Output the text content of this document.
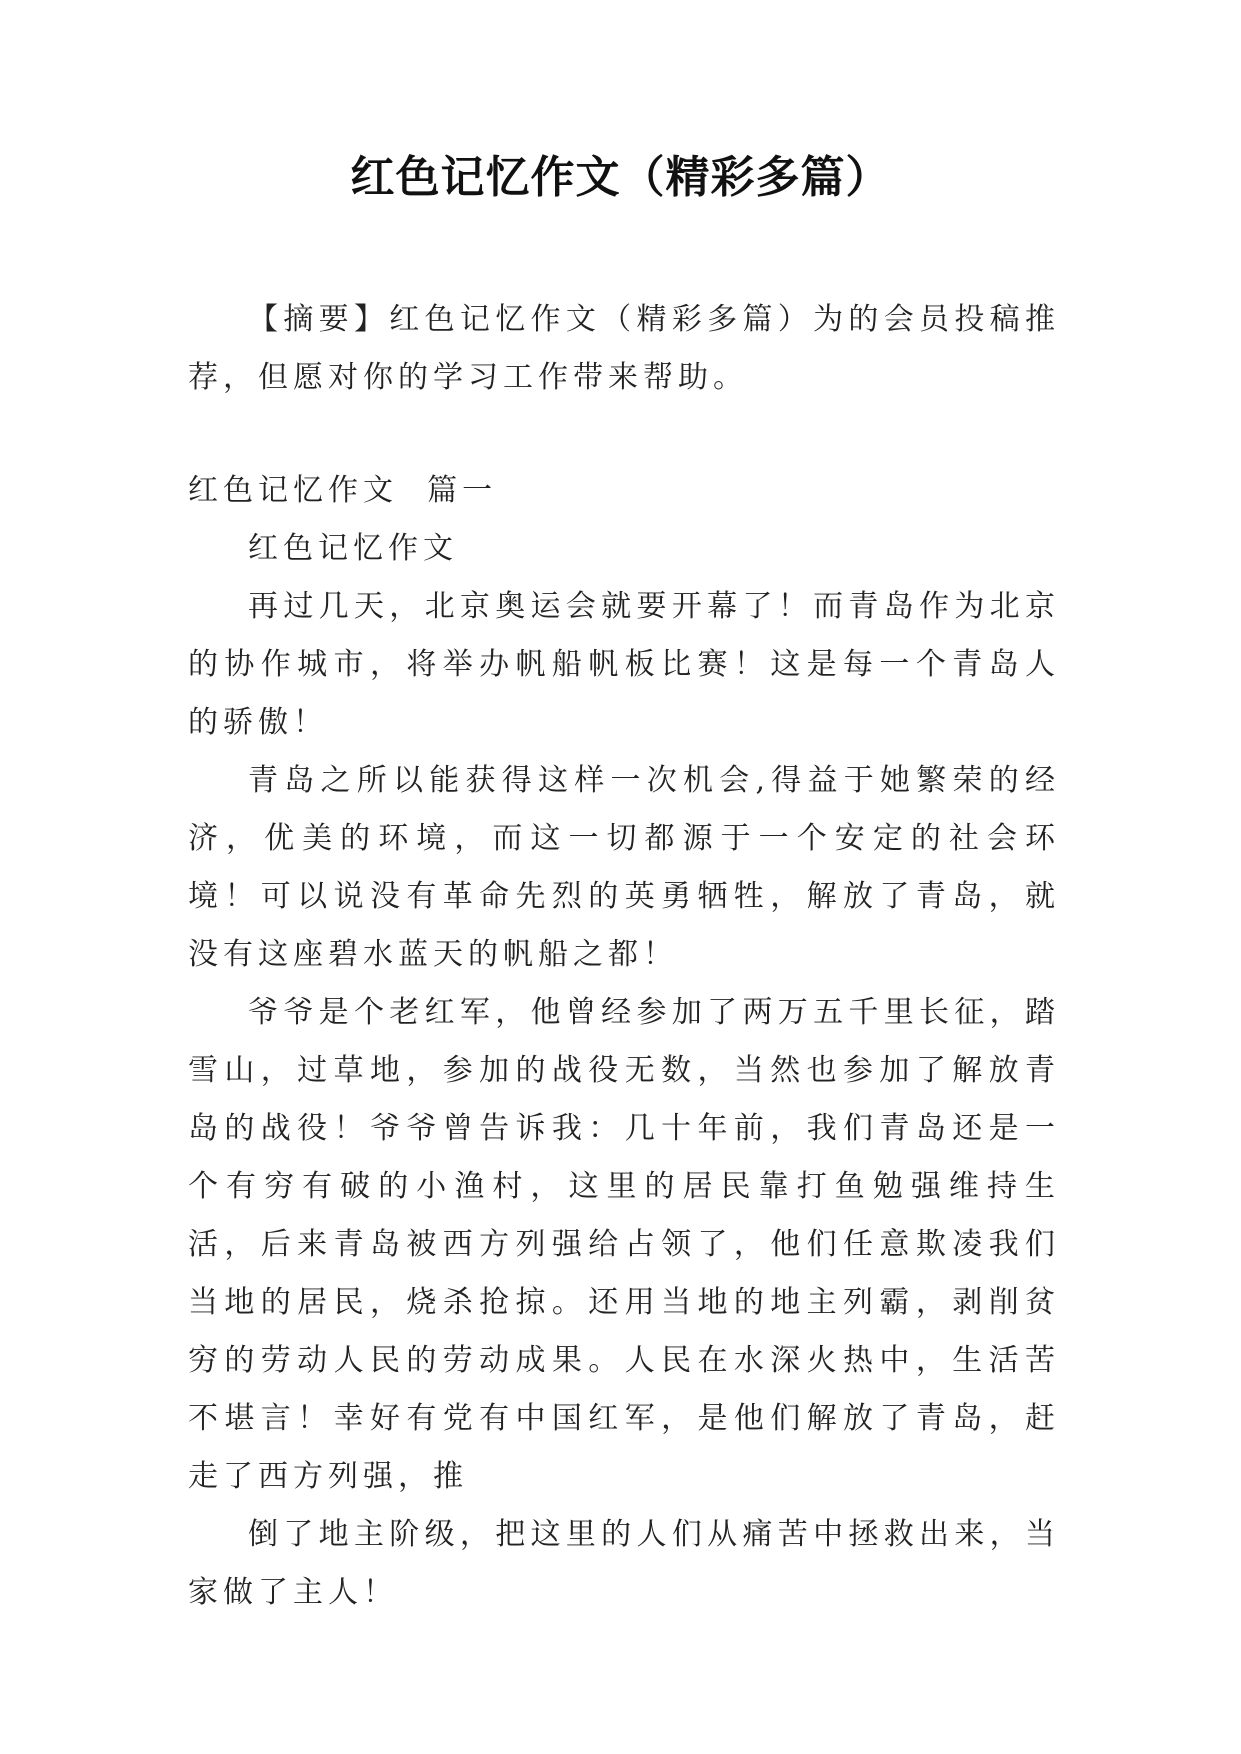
红色记忆作文（精彩多篇）

【摘要】红色记忆作文（精彩多篇）为的会员投稿推荐，但愿对你的学习工作带来帮助。

红色记忆作文  篇一

红色记忆作文

再过几天，北京奥运会就要开幕了！而青岛作为北京的协作城市，将举办帆船帆板比赛！这是每一个青岛人的骄傲！

青岛之所以能获得这样一次机会,得益于她繁荣的经济，优美的环境，而这一切都源于一个安定的社会环境！可以说没有革命先烈的英勇牺牲，解放了青岛，就没有这座碧水蓝天的帆船之都！

爷爷是个老红军，他曾经参加了两万五千里长征，踏雪山，过草地，参加的战役无数，当然也参加了解放青岛的战役！爷爷曾告诉我：几十年前，我们青岛还是一个有穷有破的小渔村，这里的居民靠打鱼勉强维持生活，后来青岛被西方列强给占领了，他们任意欺凌我们当地的居民，烧杀抢掠。还用当地的地主列霸，剥削贫穷的劳动人民的劳动成果。人民在水深火热中，生活苦不堪言！幸好有党有中国红军，是他们解放了青岛，赶走了西方列强，推

倒了地主阶级，把这里的人们从痛苦中拯救出来，当家做了主人！
